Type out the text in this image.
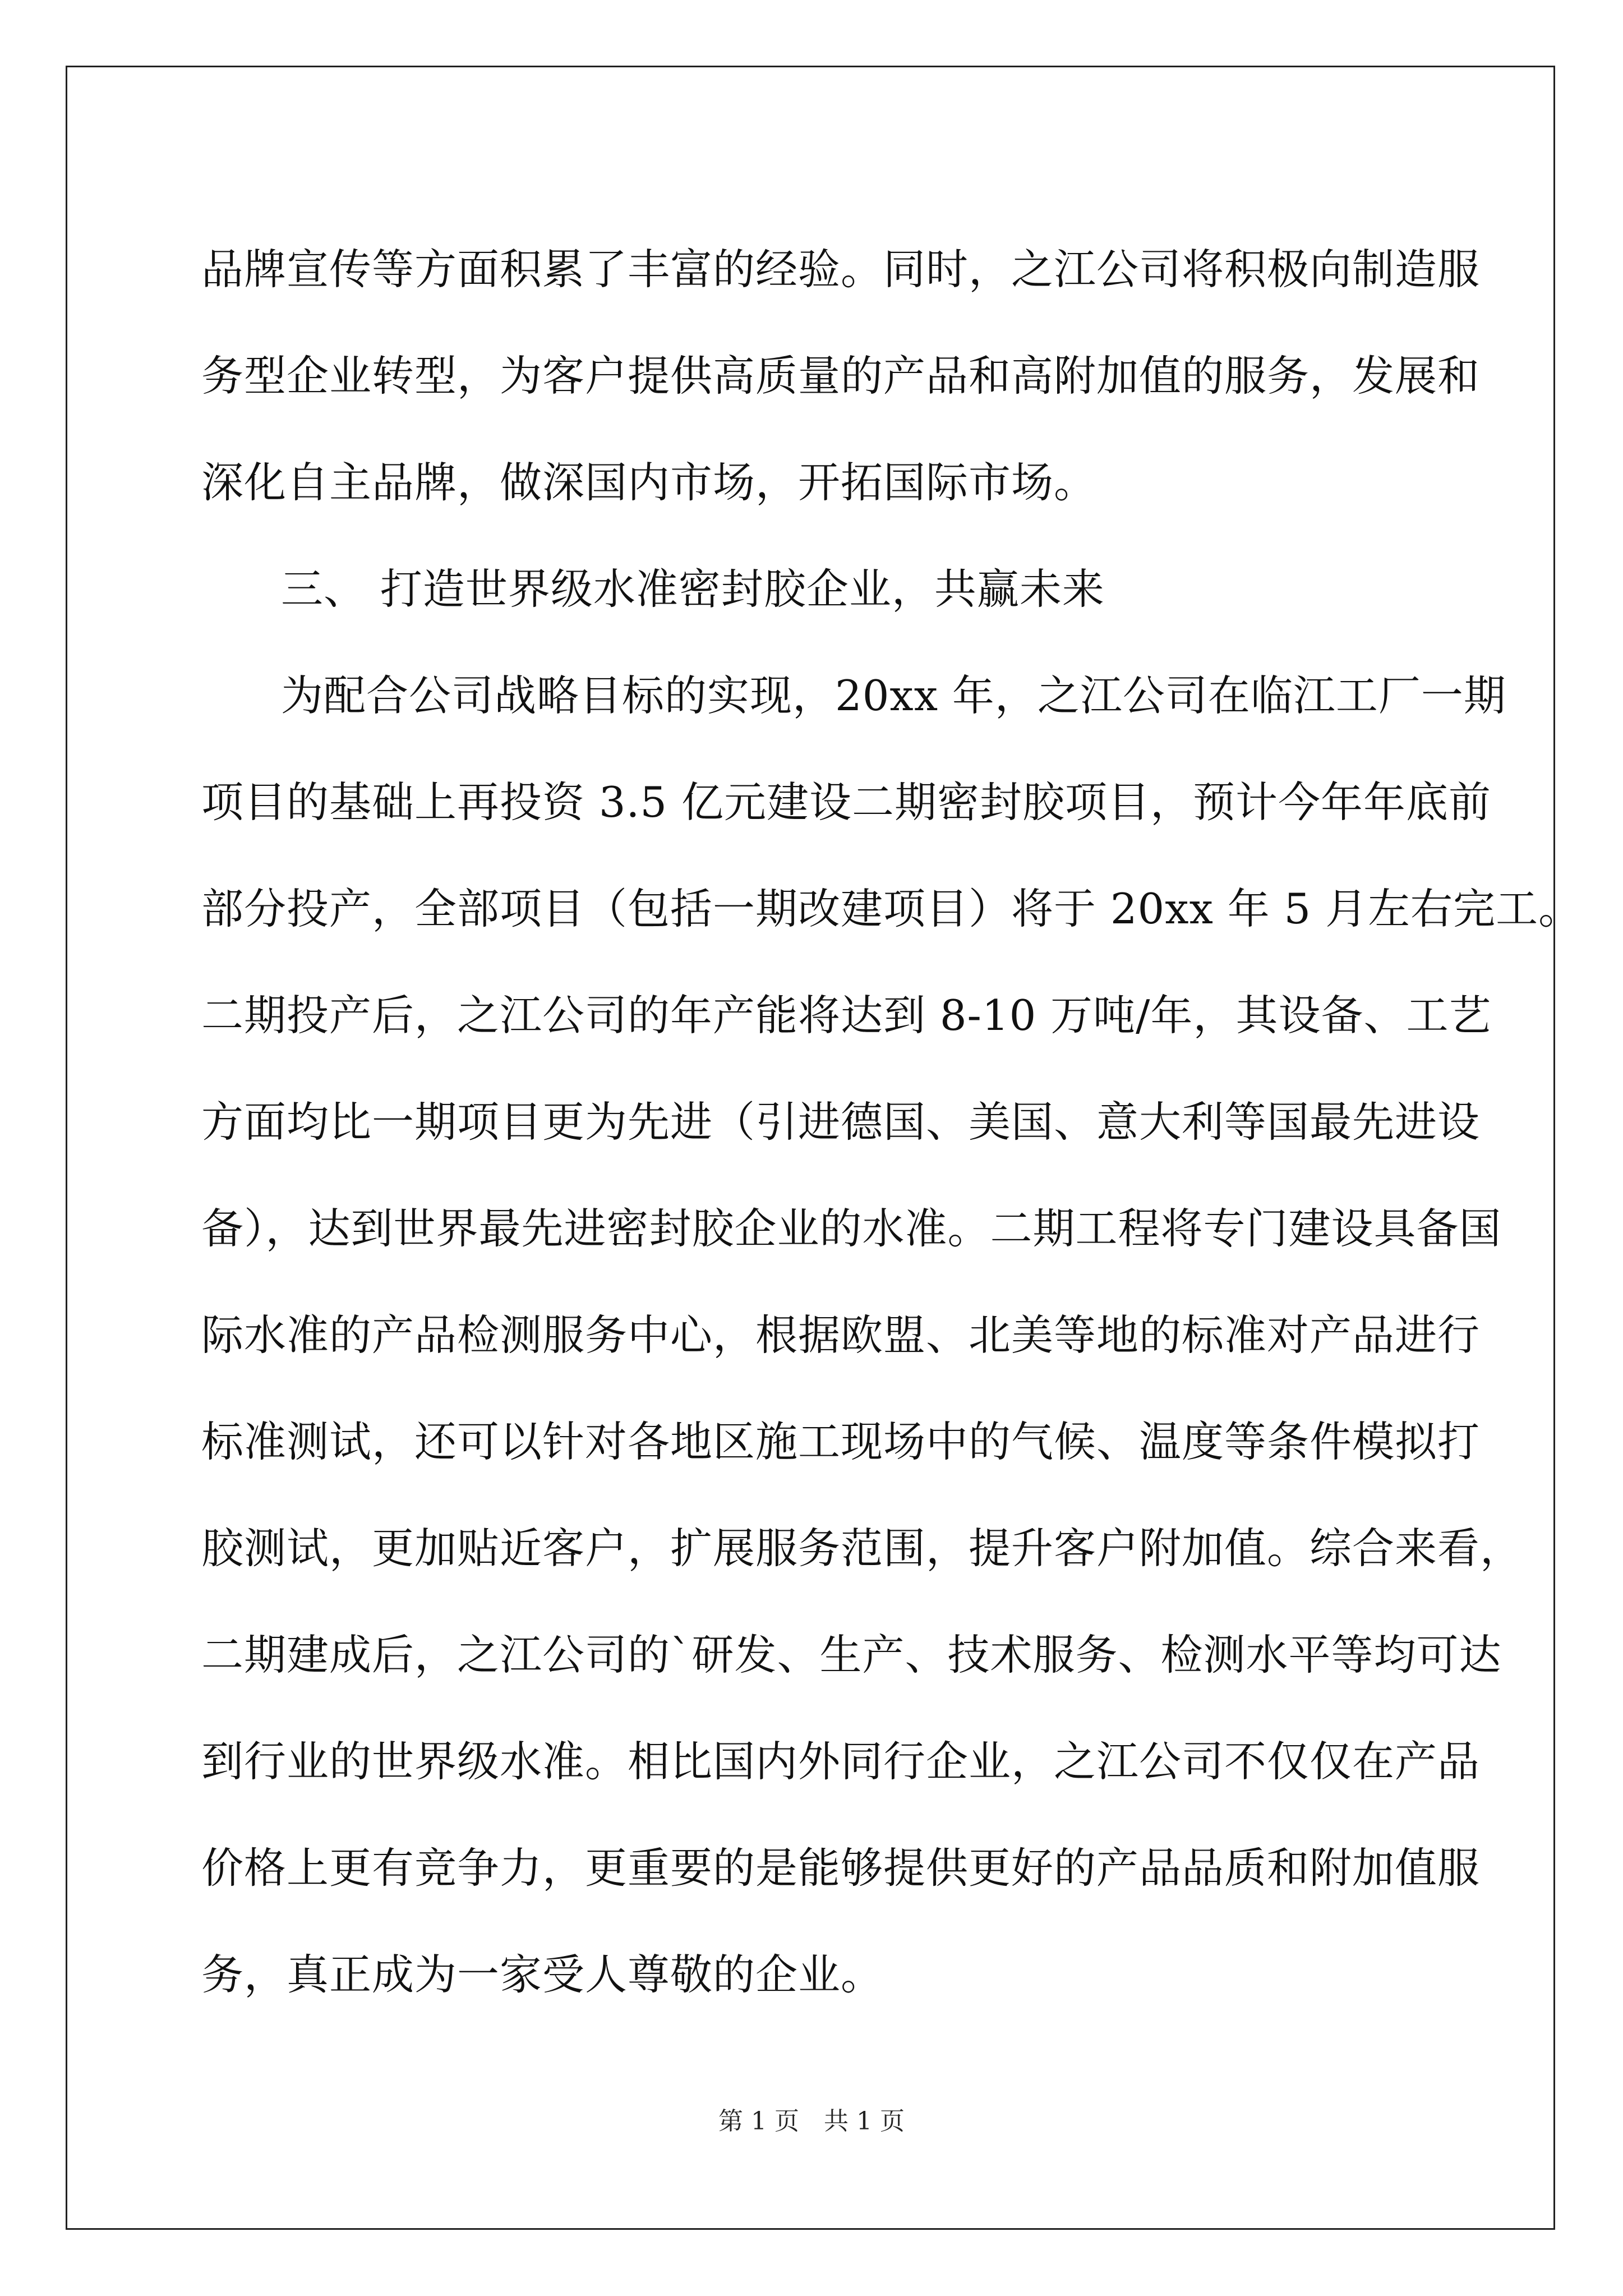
品牌宣传等方面积累了丰富的经验。同时，之江公司将积极向制造服
务型企业转型，为客户提供高质量的产品和高附加值的服务，发展和
深化自主品牌，做深国内市场，开拓国际市场。
三、 打造世界级水准密封胶企业，共赢未来
为配合公司战略目标的实现，20xx 年，之江公司在临江工厂一期
项目的基础上再投资 3.5 亿元建设二期密封胶项目，预计今年年底前
部分投产，全部项目（包括一期改建项目）将于 20xx 年 5 月左右完工。
二期投产后，之江公司的年产能将达到 8-10 万吨/年，其设备、工艺
方面均比一期项目更为先进（引进德国、美国、意大利等国最先进设
备），达到世界最先进密封胶企业的水准。二期工程将专门建设具备国
际水准的产品检测服务中心，根据欧盟、北美等地的标准对产品进行
标准测试，还可以针对各地区施工现场中的气候、温度等条件模拟打
胶测试，更加贴近客户，扩展服务范围，提升客户附加值。综合来看，
二期建成后，之江公司的`研发、生产、技术服务、检测水平等均可达
到行业的世界级水准。相比国内外同行企业，之江公司不仅仅在产品
价格上更有竞争力，更重要的是能够提供更好的产品品质和附加值服
务，真正成为一家受人尊敬的企业。
第 1 页　共 1 页
